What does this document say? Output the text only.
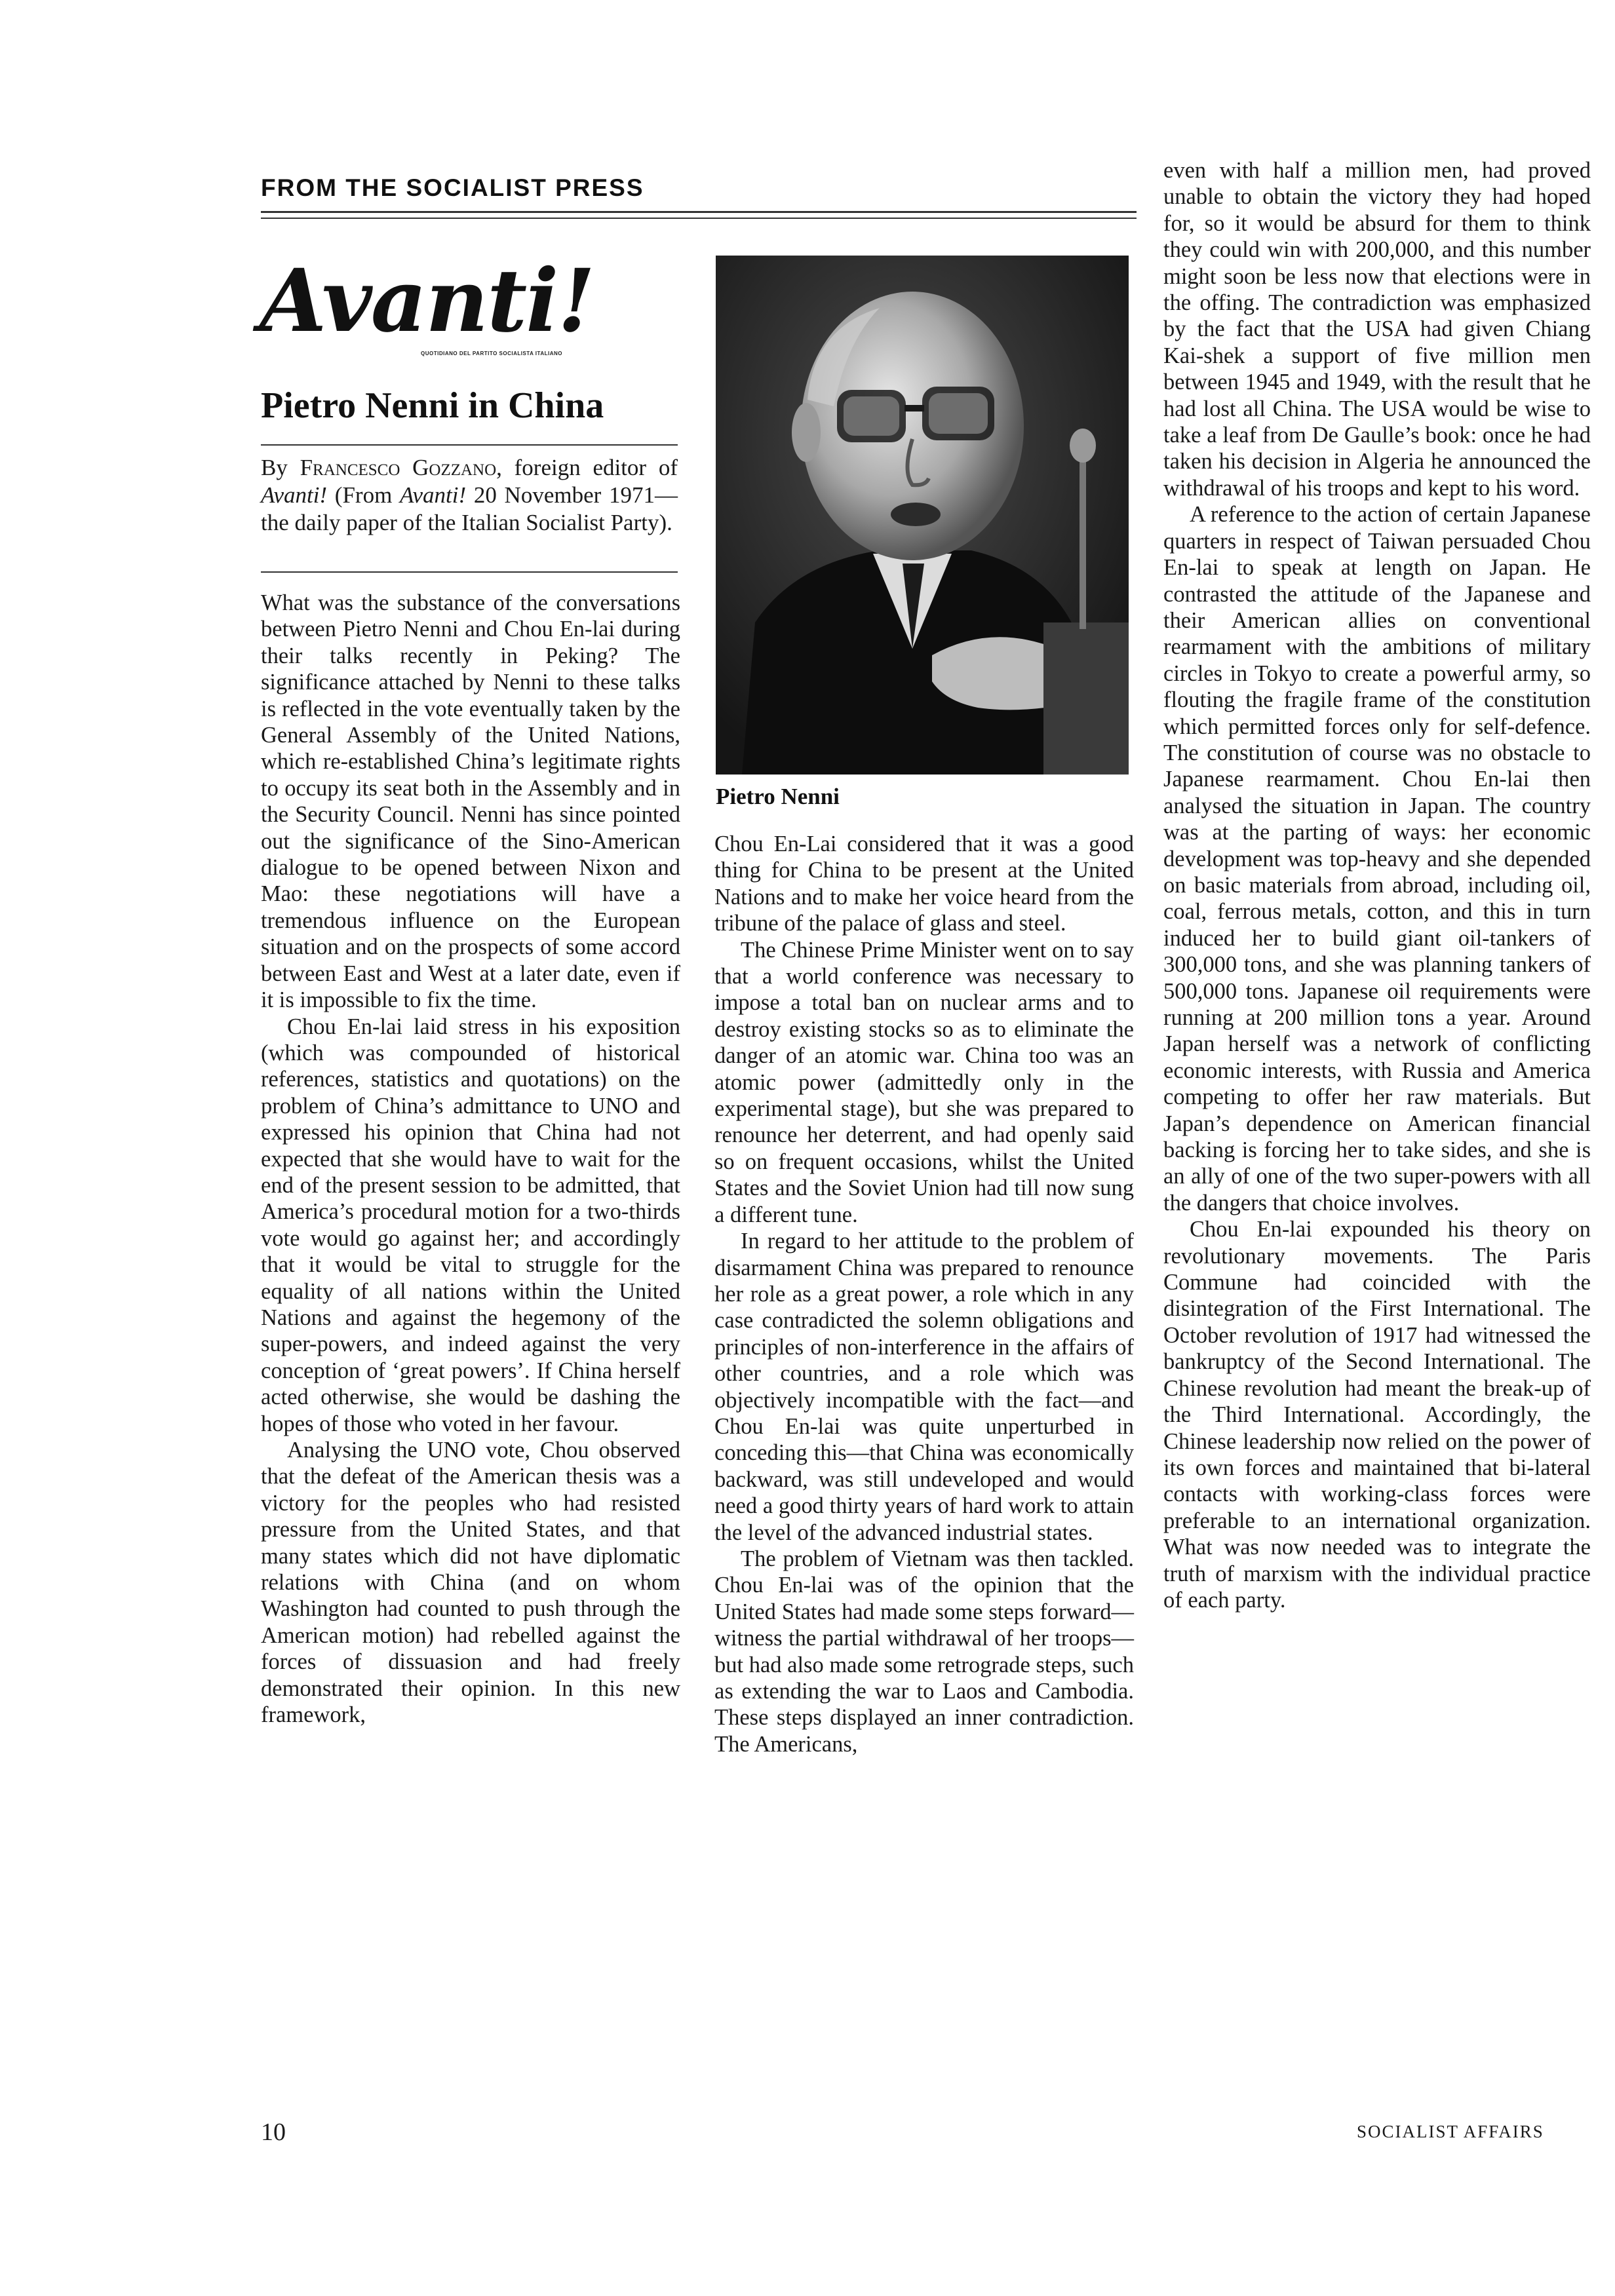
FROM THE SOCIALIST PRESS
Avanti!
QUOTIDIANO DEL PARTITO SOCIALISTA ITALIANO
Pietro Nenni in China
By Francesco Gozzano, foreign editor of Avanti! (From Avanti! 20 November 1971—the daily paper of the Italian Socialist Party).

What was the substance of the conversations between Pietro Nenni and Chou En-lai during their talks recently in Peking? The significance attached by Nenni to these talks is reflected in the vote eventually taken by the General Assembly of the United Nations, which re-established China’s legitimate rights to occupy its seat both in the Assembly and in the Security Council. Nenni has since pointed out the significance of the Sino-American dialogue to be opened between Nixon and Mao: these negotiations will have a tremendous influence on the European situation and on the prospects of some accord between East and West at a later date, even if it is impossible to fix the time.

Chou En-lai laid stress in his exposition (which was compounded of historical references, statistics and quotations) on the problem of China’s admittance to UNO and expressed his opinion that China had not expected that she would have to wait for the end of the present session to be admitted, that America’s procedural motion for a two-thirds vote would go against her; and accordingly that it would be vital to struggle for the equality of all nations within the United Nations and against the hegemony of the super-powers, and indeed against the very conception of ‘great powers’. If China herself acted otherwise, she would be dashing the hopes of those who voted in her favour.

Analysing the UNO vote, Chou observed that the defeat of the American thesis was a victory for the peoples who had resisted pressure from the United States, and that many states which did not have diplomatic relations with China (and on whom Washington had counted to push through the American motion) had rebelled against the forces of dissuasion and had freely demonstrated their opinion. In this new framework,

Pietro Nenni

Chou En-Lai considered that it was a good thing for China to be present at the United Nations and to make her voice heard from the tribune of the palace of glass and steel.

The Chinese Prime Minister went on to say that a world conference was necessary to impose a total ban on nuclear arms and to destroy existing stocks so as to eliminate the danger of an atomic war. China too was an atomic power (admittedly only in the experimental stage), but she was prepared to renounce her deterrent, and had openly said so on frequent occasions, whilst the United States and the Soviet Union had till now sung a different tune.

In regard to her attitude to the problem of disarmament China was prepared to renounce her role as a great power, a role which in any case contradicted the solemn obligations and principles of non-interference in the affairs of other countries, and a role which was objectively incompatible with the fact—and Chou En-lai was quite unperturbed in conceding this—that China was economically backward, was still undeveloped and would need a good thirty years of hard work to attain the level of the advanced industrial states.

The problem of Vietnam was then tackled. Chou En-lai was of the opinion that the United States had made some steps forward—witness the partial withdrawal of her troops—but had also made some retrograde steps, such as extending the war to Laos and Cambodia. These steps displayed an inner contradiction. The Americans,

even with half a million men, had proved unable to obtain the victory they had hoped for, so it would be absurd for them to think they could win with 200,000, and this number might soon be less now that elections were in the offing. The contradiction was emphasized by the fact that the USA had given Chiang Kai-shek a support of five million men between 1945 and 1949, with the result that he had lost all China. The USA would be wise to take a leaf from De Gaulle’s book: once he had taken his decision in Algeria he announced the withdrawal of his troops and kept to his word.

A reference to the action of certain Japanese quarters in respect of Taiwan persuaded Chou En-lai to speak at length on Japan. He contrasted the attitude of the Japanese and their American allies on conventional rearmament with the ambitions of military circles in Tokyo to create a powerful army, so flouting the fragile frame of the constitution which permitted forces only for self-defence. The constitution of course was no obstacle to Japanese rearmament. Chou En-lai then analysed the situation in Japan. The country was at the parting of ways: her economic development was top-heavy and she depended on basic materials from abroad, including oil, coal, ferrous metals, cotton, and this in turn induced her to build giant oil-tankers of 300,000 tons, and she was planning tankers of 500,000 tons. Japanese oil requirements were running at 200 million tons a year. Around Japan herself was a network of conflicting economic interests, with Russia and America competing to offer her raw materials. But Japan’s dependence on American financial backing is forcing her to take sides, and she is an ally of one of the two super-powers with all the dangers that choice involves.

Chou En-lai expounded his theory on revolutionary movements. The Paris Commune had coincided with the disintegration of the First International. The October revolution of 1917 had witnessed the bankruptcy of the Second International. The Chinese revolution had meant the break-up of the Third International. Accordingly, the Chinese leadership now relied on the power of its own forces and maintained that bi-lateral contacts with working-class forces were preferable to an international organization. What was now needed was to integrate the truth of marxism with the individual practice of each party.

10	SOCIALIST AFFAIRS
